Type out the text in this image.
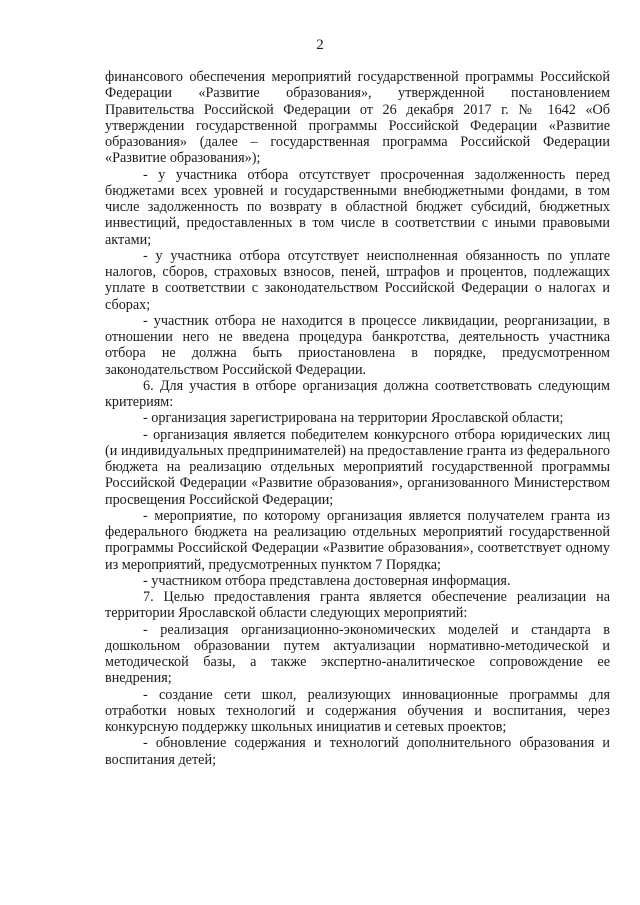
2

финансового обеспечения мероприятий государственной программы Российской Федерации «Развитие образования», утвержденной постановлением Правительства Российской Федерации от 26 декабря 2017 г. № 1642 «Об утверждении государственной программы Российской Федерации «Развитие образования» (далее – государственная программа Российской Федерации «Развитие образования»);

- у участника отбора отсутствует просроченная задолженность перед бюджетами всех уровней и государственными внебюджетными фондами, в том числе задолженность по возврату в областной бюджет субсидий, бюджетных инвестиций, предоставленных в том числе в соответствии с иными правовыми актами;

- у участника отбора отсутствует неисполненная обязанность по уплате налогов, сборов, страховых взносов, пеней, штрафов и процентов, подлежащих уплате в соответствии с законодательством Российской Федерации о налогах и сборах;

- участник отбора не находится в процессе ликвидации, реорганизации, в отношении него не введена процедура банкротства, деятельность участника отбора не должна быть приостановлена в порядке, предусмотренном законодательством Российской Федерации.

6. Для участия в отборе организация должна соответствовать следующим критериям:

- организация зарегистрирована на территории Ярославской области;

- организация является победителем конкурсного отбора юридических лиц (и индивидуальных предпринимателей) на предоставление гранта из федерального бюджета на реализацию отдельных мероприятий государственной программы Российской Федерации «Развитие образования», организованного Министерством просвещения Российской Федерации;

- мероприятие, по которому организация является получателем гранта из федерального бюджета на реализацию отдельных мероприятий государственной программы Российской Федерации «Развитие образования», соответствует одному из мероприятий, предусмотренных пунктом 7 Порядка;

- участником отбора представлена достоверная информация.

7. Целью предоставления гранта является обеспечение реализации на территории Ярославской области следующих мероприятий:

- реализация организационно-экономических моделей и стандарта в дошкольном образовании путем актуализации нормативно-методической и методической базы, а также экспертно-аналитическое сопровождение ее внедрения;

- создание сети школ, реализующих инновационные программы для отработки новых технологий и содержания обучения и воспитания, через конкурсную поддержку школьных инициатив и сетевых проектов;

- обновление содержания и технологий дополнительного образования и воспитания детей;
